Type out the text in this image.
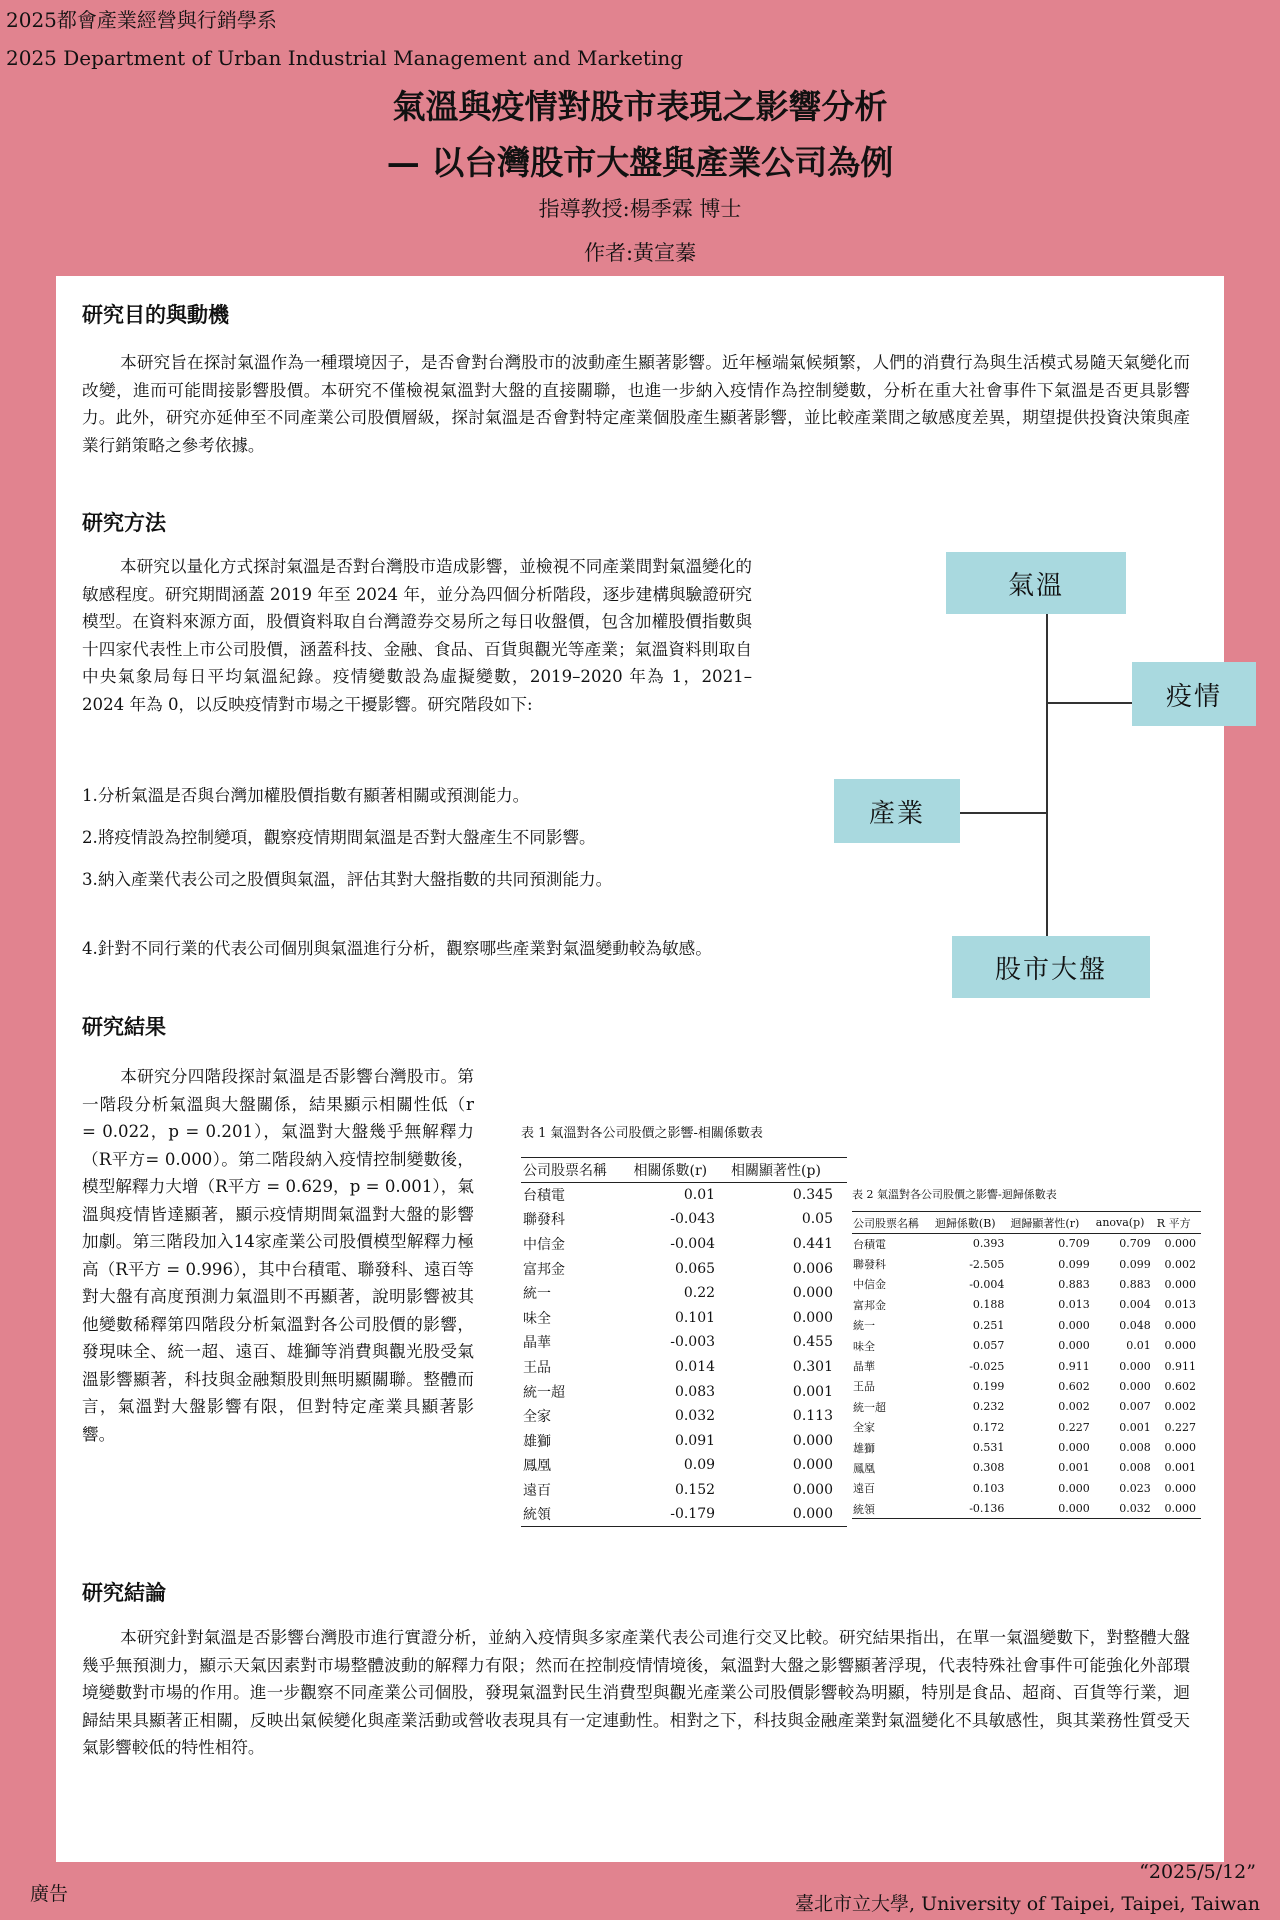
2025都會產業經營與行銷學系
2025 Department of Urban Industrial Management and Marketing
氣溫與疫情對股市表現之影響分析
— 以台灣股市大盤與產業公司為例
指導教授:楊季霖 博士
作者:黃宣蓁
研究目的與動機
本研究旨在探討氣溫作為一種環境因子，是否會對台灣股市的波動產生顯著影響。近年極端氣候頻繁，人們的消費行為與生活模式易隨天氣變化而改變，進而可能間接影響股價。本研究不僅檢視氣溫對大盤的直接關聯，也進一步納入疫情作為控制變數，分析在重大社會事件下氣溫是否更具影響力。此外，研究亦延伸至不同產業公司股價層級，探討氣溫是否會對特定產業個股產生顯著影響，並比較產業間之敏感度差異，期望提供投資決策與產業行銷策略之參考依據。
研究方法
本研究以量化方式探討氣溫是否對台灣股市造成影響，並檢視不同產業間對氣溫變化的敏感程度。研究期間涵蓋 2019 年至 2024 年，並分為四個分析階段，逐步建構與驗證研究模型。在資料來源方面，股價資料取自台灣證券交易所之每日收盤價，包含加權股價指數與十四家代表性上市公司股價，涵蓋科技、金融、食品、百貨與觀光等產業；氣溫資料則取自中央氣象局每日平均氣溫紀錄。疫情變數設為虛擬變數，2019–2020 年為 1，2021–2024 年為 0，以反映疫情對市場之干擾影響。研究階段如下:
1.分析氣溫是否與台灣加權股價指數有顯著相關或預測能力。
2.將疫情設為控制變項，觀察疫情期間氣溫是否對大盤產生不同影響。
3.納入產業代表公司之股價與氣溫，評估其對大盤指數的共同預測能力。
4.針對不同行業的代表公司個別與氣溫進行分析，觀察哪些產業對氣溫變動較為敏感。
氣溫
疫情
產業
股市大盤
研究結果
本研究分四階段探討氣溫是否影響台灣股市。第一階段分析氣溫與大盤關係，結果顯示相關性低（r = 0.022，p = 0.201），氣溫對大盤幾乎無解釋力（R平方= 0.000）。第二階段納入疫情控制變數後，模型解釋力大增（R平方 = 0.629，p = 0.001），氣溫與疫情皆達顯著，顯示疫情期間氣溫對大盤的影響加劇。第三階段加入14家產業公司股價模型解釋力極高（R平方 = 0.996），其中台積電、聯發科、遠百等對大盤有高度預測力氣溫則不再顯著，說明影響被其他變數稀釋第四階段分析氣溫對各公司股價的影響，發現味全、統一超、遠百、雄獅等消費與觀光股受氣溫影響顯著，科技與金融類股則無明顯關聯。整體而言，氣溫對大盤影響有限，但對特定產業具顯著影響。
表 1 氣溫對各公司股價之影響-相關係數表
公司股票名稱	相關係數(r)	相關顯著性(p)
台積電	0.01	0.345
聯發科	-0.043	0.05
中信金	-0.004	0.441
富邦金	0.065	0.006
統一	0.22	0.000
味全	0.101	0.000
晶華	-0.003	0.455
王品	0.014	0.301
統一超	0.083	0.001
全家	0.032	0.113
雄獅	0.091	0.000
鳳凰	0.09	0.000
遠百	0.152	0.000
統領	-0.179	0.000
表 2 氣溫對各公司股價之影響-迴歸係數表
公司股票名稱	迴歸係數(B)	迴歸顯著性(r)	anova(p)	R 平方
台積電	0.393	0.709	0.709	0.000
聯發科	-2.505	0.099	0.099	0.002
中信金	-0.004	0.883	0.883	0.000
富邦金	0.188	0.013	0.004	0.013
統一	0.251	0.000	0.048	0.000
味全	0.057	0.000	0.01	0.000
晶華	-0.025	0.911	0.000	0.911
王品	0.199	0.602	0.000	0.602
統一超	0.232	0.002	0.007	0.002
全家	0.172	0.227	0.001	0.227
雄獅	0.531	0.000	0.008	0.000
鳳凰	0.308	0.001	0.008	0.001
遠百	0.103	0.000	0.023	0.000
統領	-0.136	0.000	0.032	0.000
研究結論
本研究針對氣溫是否影響台灣股市進行實證分析，並納入疫情與多家產業代表公司進行交叉比較。研究結果指出，在單一氣溫變數下，對整體大盤幾乎無預測力，顯示天氣因素對市場整體波動的解釋力有限；然而在控制疫情情境後，氣溫對大盤之影響顯著浮現，代表特殊社會事件可能強化外部環境變數對市場的作用。進一步觀察不同產業公司個股，發現氣溫對民生消費型與觀光產業公司股價影響較為明顯，特別是食品、超商、百貨等行業，迴歸結果具顯著正相關，反映出氣候變化與產業活動或營收表現具有一定連動性。相對之下，科技與金融產業對氣溫變化不具敏感性，與其業務性質受天氣影響較低的特性相符。
廣告
“2025/5/12”
臺北市立大學, University of Taipei, Taipei, Taiwan
